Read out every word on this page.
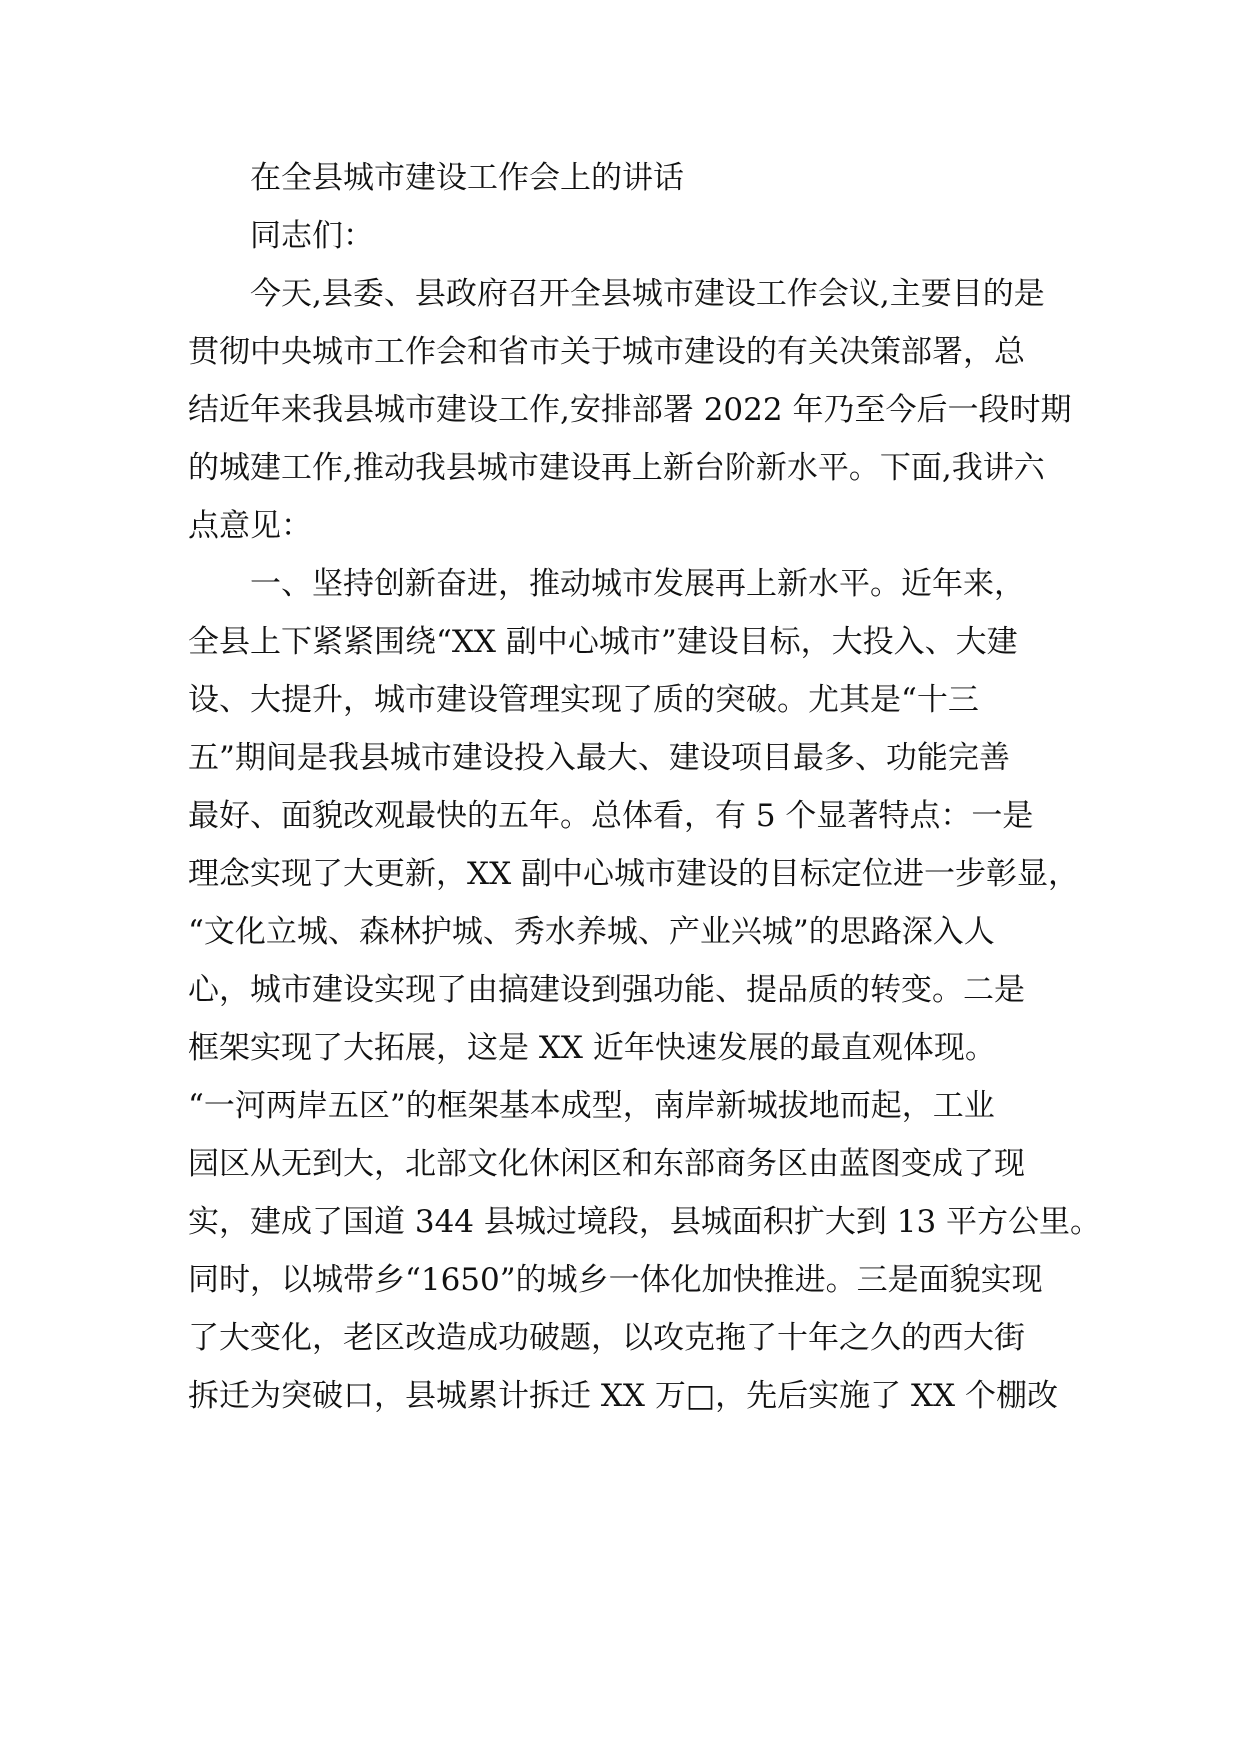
在全县城市建设工作会上的讲话
同志们：
今天,县委、县政府召开全县城市建设工作会议,主要目的是
贯彻中央城市工作会和省市关于城市建设的有关决策部署，总
结近年来我县城市建设工作,安排部署 2022 年乃至今后一段时期
的城建工作,推动我县城市建设再上新台阶新水平。下面,我讲六
点意见：
一、坚持创新奋进，推动城市发展再上新水平。近年来，
全县上下紧紧围绕“XX 副中心城市”建设目标，大投入、大建
设、大提升，城市建设管理实现了质的突破。尤其是“十三
五”期间是我县城市建设投入最大、建设项目最多、功能完善
最好、面貌改观最快的五年。总体看，有 5 个显著特点：一是
理念实现了大更新，XX 副中心城市建设的目标定位进一步彰显，
“文化立城、森林护城、秀水养城、产业兴城”的思路深入人
心，城市建设实现了由搞建设到强功能、提品质的转变。二是
框架实现了大拓展，这是 XX 近年快速发展的最直观体现。
“一河两岸五区”的框架基本成型，南岸新城拔地而起，工业
园区从无到大，北部文化休闲区和东部商务区由蓝图变成了现
实，建成了国道 344 县城过境段，县城面积扩大到 13 平方公里。
同时，以城带乡“1650”的城乡一体化加快推进。三是面貌实现
了大变化，老区改造成功破题，以攻克拖了十年之久的西大街
拆迁为突破口，县城累计拆迁 XX 万□，先后实施了 XX 个棚改
